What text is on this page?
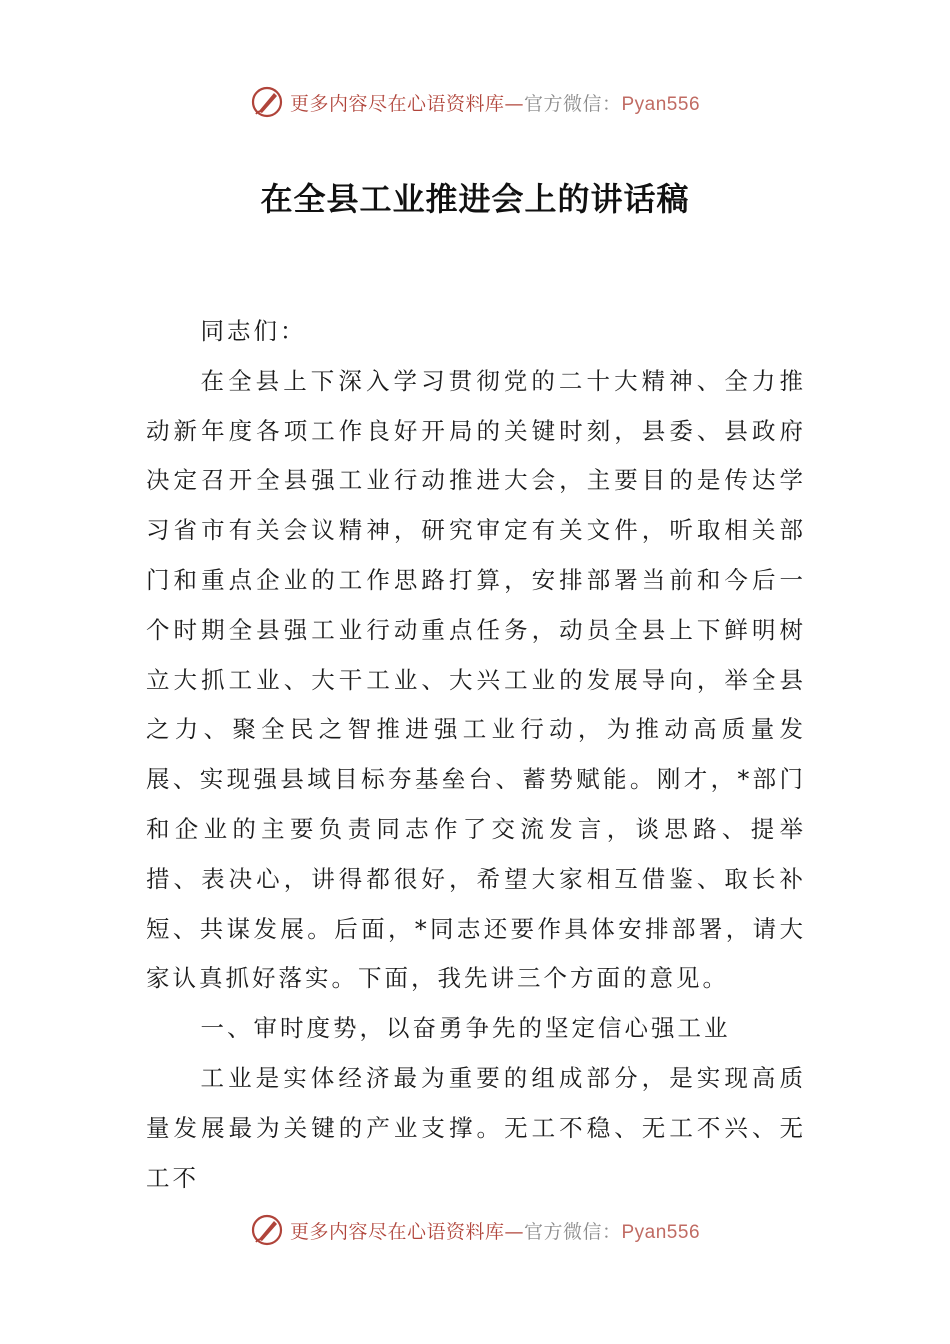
更多内容尽在心语资料库—官方微信：Pyan556
在全县工业推进会上的讲话稿

同志们：

在全县上下深入学习贯彻党的二十大精神、全力推动新年度各项工作良好开局的关键时刻，县委、县政府决定召开全县强工业行动推进大会，主要目的是传达学习省市有关会议精神，研究审定有关文件，听取相关部门和重点企业的工作思路打算，安排部署当前和今后一个时期全县强工业行动重点任务，动员全县上下鲜明树立大抓工业、大干工业、大兴工业的发展导向，举全县之力、聚全民之智推进强工业行动，为推动高质量发展、实现强县域目标夯基垒台、蓄势赋能。刚才，*部门和企业的主要负责同志作了交流发言，谈思路、提举措、表决心，讲得都很好，希望大家相互借鉴、取长补短、共谋发展。后面，*同志还要作具体安排部署，请大家认真抓好落实。下面，我先讲三个方面的意见。

一、审时度势，以奋勇争先的坚定信心强工业

工业是实体经济最为重要的组成部分，是实现高质量发展最为关键的产业支撑。无工不稳、无工不兴、无工不

更多内容尽在心语资料库—官方微信：Pyan556
